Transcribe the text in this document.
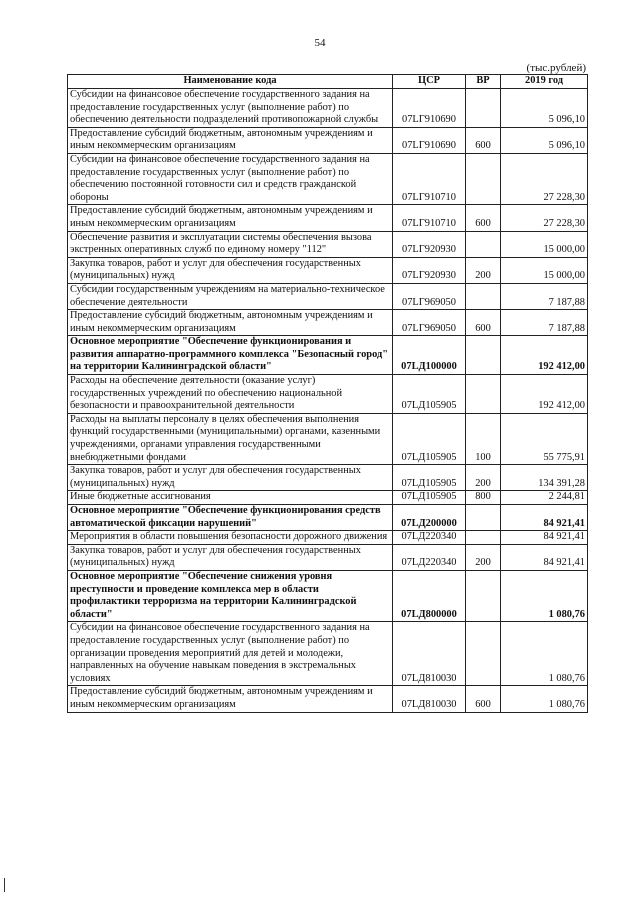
54
(тыс.рублей)
Наименование кода	ЦСР	ВР	2019 год
Субсидии на финансовое обеспечение государственного задания на предоставление государственных услуг (выполнение работ) по обеспечению деятельности подразделений противопожарной службы	07LГ910690		5 096,10
Предоставление субсидий бюджетным, автономным учреждениям и иным некоммерческим организациям	07LГ910690	600	5 096,10
Субсидии на финансовое обеспечение государственного задания на предоставление государственных услуг (выполнение работ) по обеспечению постоянной готовности сил и средств гражданской обороны	07LГ910710		27 228,30
Предоставление субсидий бюджетным, автономным учреждениям и иным некоммерческим организациям	07LГ910710	600	27 228,30
Обеспечение развития и эксплуатации системы обеспечения вызова экстренных оперативных служб по единому номеру "112"	07LГ920930		15 000,00
Закупка товаров, работ и услуг для обеспечения государственных (муниципальных) нужд	07LГ920930	200	15 000,00
Субсидии государственным учреждениям на материально-техническое обеспечение деятельности	07LГ969050		7 187,88
Предоставление субсидий бюджетным, автономным учреждениям и иным некоммерческим организациям	07LГ969050	600	7 187,88
Основное мероприятие "Обеспечение функционирования и развития аппаратно-программного комплекса "Безопасный город" на территории Калининградской области"	07LД100000		192 412,00
Расходы на обеспечение деятельности (оказание услуг) государственных учреждений по обеспечению национальной безопасности и правоохранительной деятельности	07LД105905		192 412,00
Расходы на выплаты персоналу в целях обеспечения выполнения функций государственными (муниципальными) органами, казенными учреждениями, органами управления государственными внебюджетными фондами	07LД105905	100	55 775,91
Закупка товаров, работ и услуг для обеспечения государственных (муниципальных) нужд	07LД105905	200	134 391,28
Иные бюджетные ассигнования	07LД105905	800	2 244,81
Основное мероприятие "Обеспечение функционирования средств автоматической фиксации нарушений"	07LД200000		84 921,41
Мероприятия в области повышения безопасности дорожного движения	07LД220340		84 921,41
Закупка товаров, работ и услуг для обеспечения государственных (муниципальных) нужд	07LД220340	200	84 921,41
Основное мероприятие "Обеспечение снижения уровня преступности и проведение комплекса мер в области профилактики терроризма на территории Калининградской области"	07LД800000		1 080,76
Субсидии на финансовое обеспечение государственного задания на предоставление государственных услуг (выполнение работ) по организации проведения мероприятий для детей и молодежи, направленных на обучение навыкам поведения в экстремальных условиях	07LД810030		1 080,76
Предоставление субсидий бюджетным, автономным учреждениям и иным некоммерческим организациям	07LД810030	600	1 080,76
